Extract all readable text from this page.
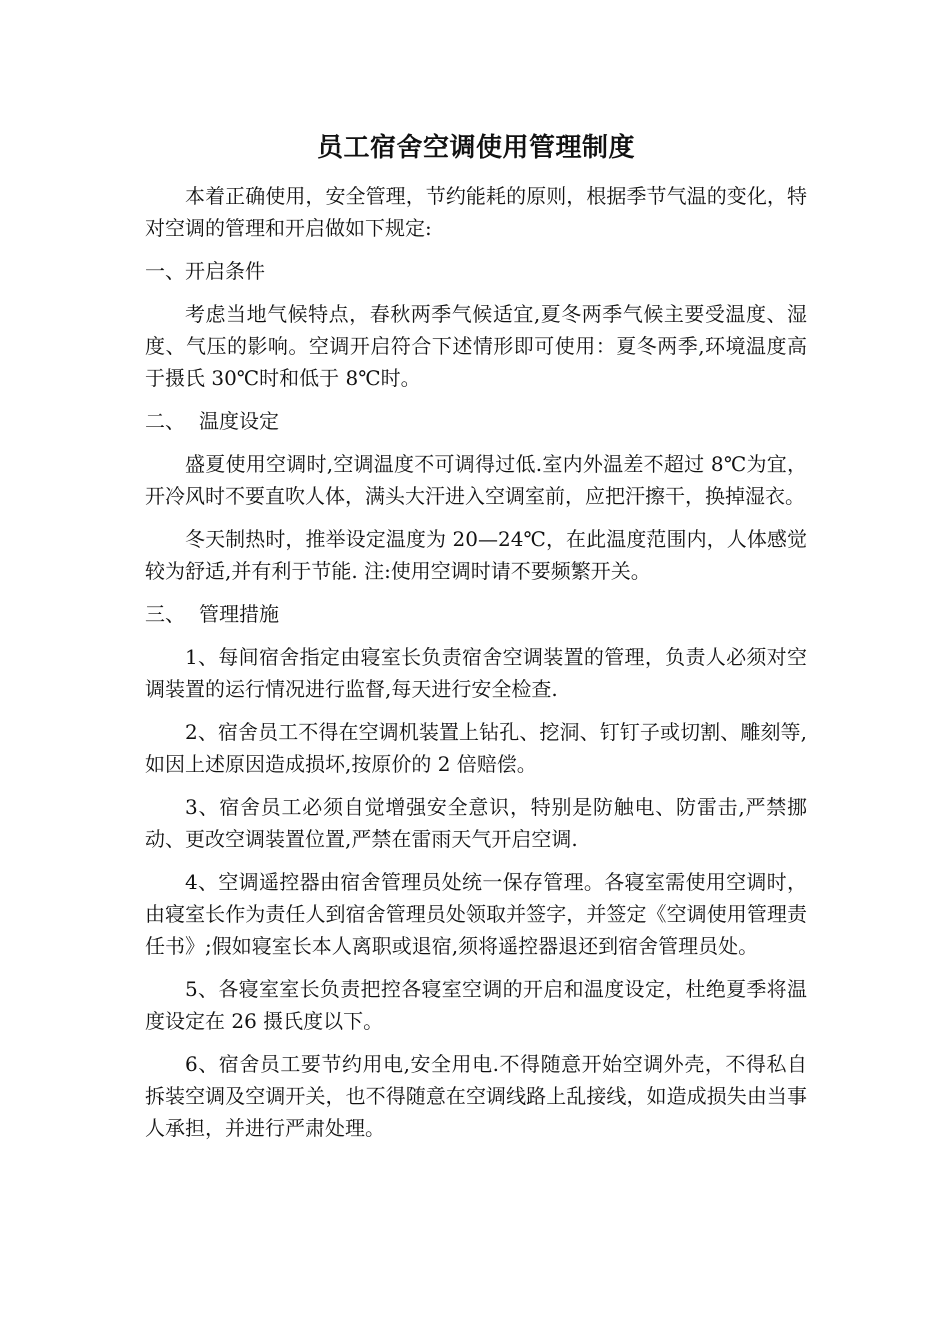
员工宿舍空调使用管理制度

本着正确使用，安全管理，节约能耗的原则，根据季节气温的变化，特对空调的管理和开启做如下规定:

一、开启条件

考虑当地气候特点，春秋两季气候适宜,夏冬两季气候主要受温度、湿度、气压的影响。空调开启符合下述情形即可使用：夏冬两季,环境温度高于摄氏 30℃时和低于 8℃时。

二、 温度设定

盛夏使用空调时,空调温度不可调得过低.室内外温差不超过 8℃为宜，开冷风时不要直吹人体，满头大汗进入空调室前，应把汗擦干，换掉湿衣。

冬天制热时，推举设定温度为 20—24℃，在此温度范围内，人体感觉较为舒适,并有利于节能. 注:使用空调时请不要频繁开关。

三、 管理措施

1、每间宿舍指定由寝室长负责宿舍空调装置的管理，负责人必须对空调装置的运行情况进行监督,每天进行安全检查.

2、宿舍员工不得在空调机装置上钻孔、挖洞、钉钉子或切割、雕刻等,如因上述原因造成损坏,按原价的 2 倍赔偿。

3、宿舍员工必须自觉增强安全意识，特别是防触电、防雷击,严禁挪动、更改空调装置位置,严禁在雷雨天气开启空调.

4、空调遥控器由宿舍管理员处统一保存管理。各寝室需使用空调时，由寝室长作为责任人到宿舍管理员处领取并签字，并签定《空调使用管理责任书》;假如寝室长本人离职或退宿,须将遥控器退还到宿舍管理员处。

5、各寝室室长负责把控各寝室空调的开启和温度设定，杜绝夏季将温度设定在 26 摄氏度以下。

6、宿舍员工要节约用电,安全用电.不得随意开始空调外壳，不得私自拆装空调及空调开关，也不得随意在空调线路上乱接线，如造成损失由当事人承担，并进行严肃处理。
